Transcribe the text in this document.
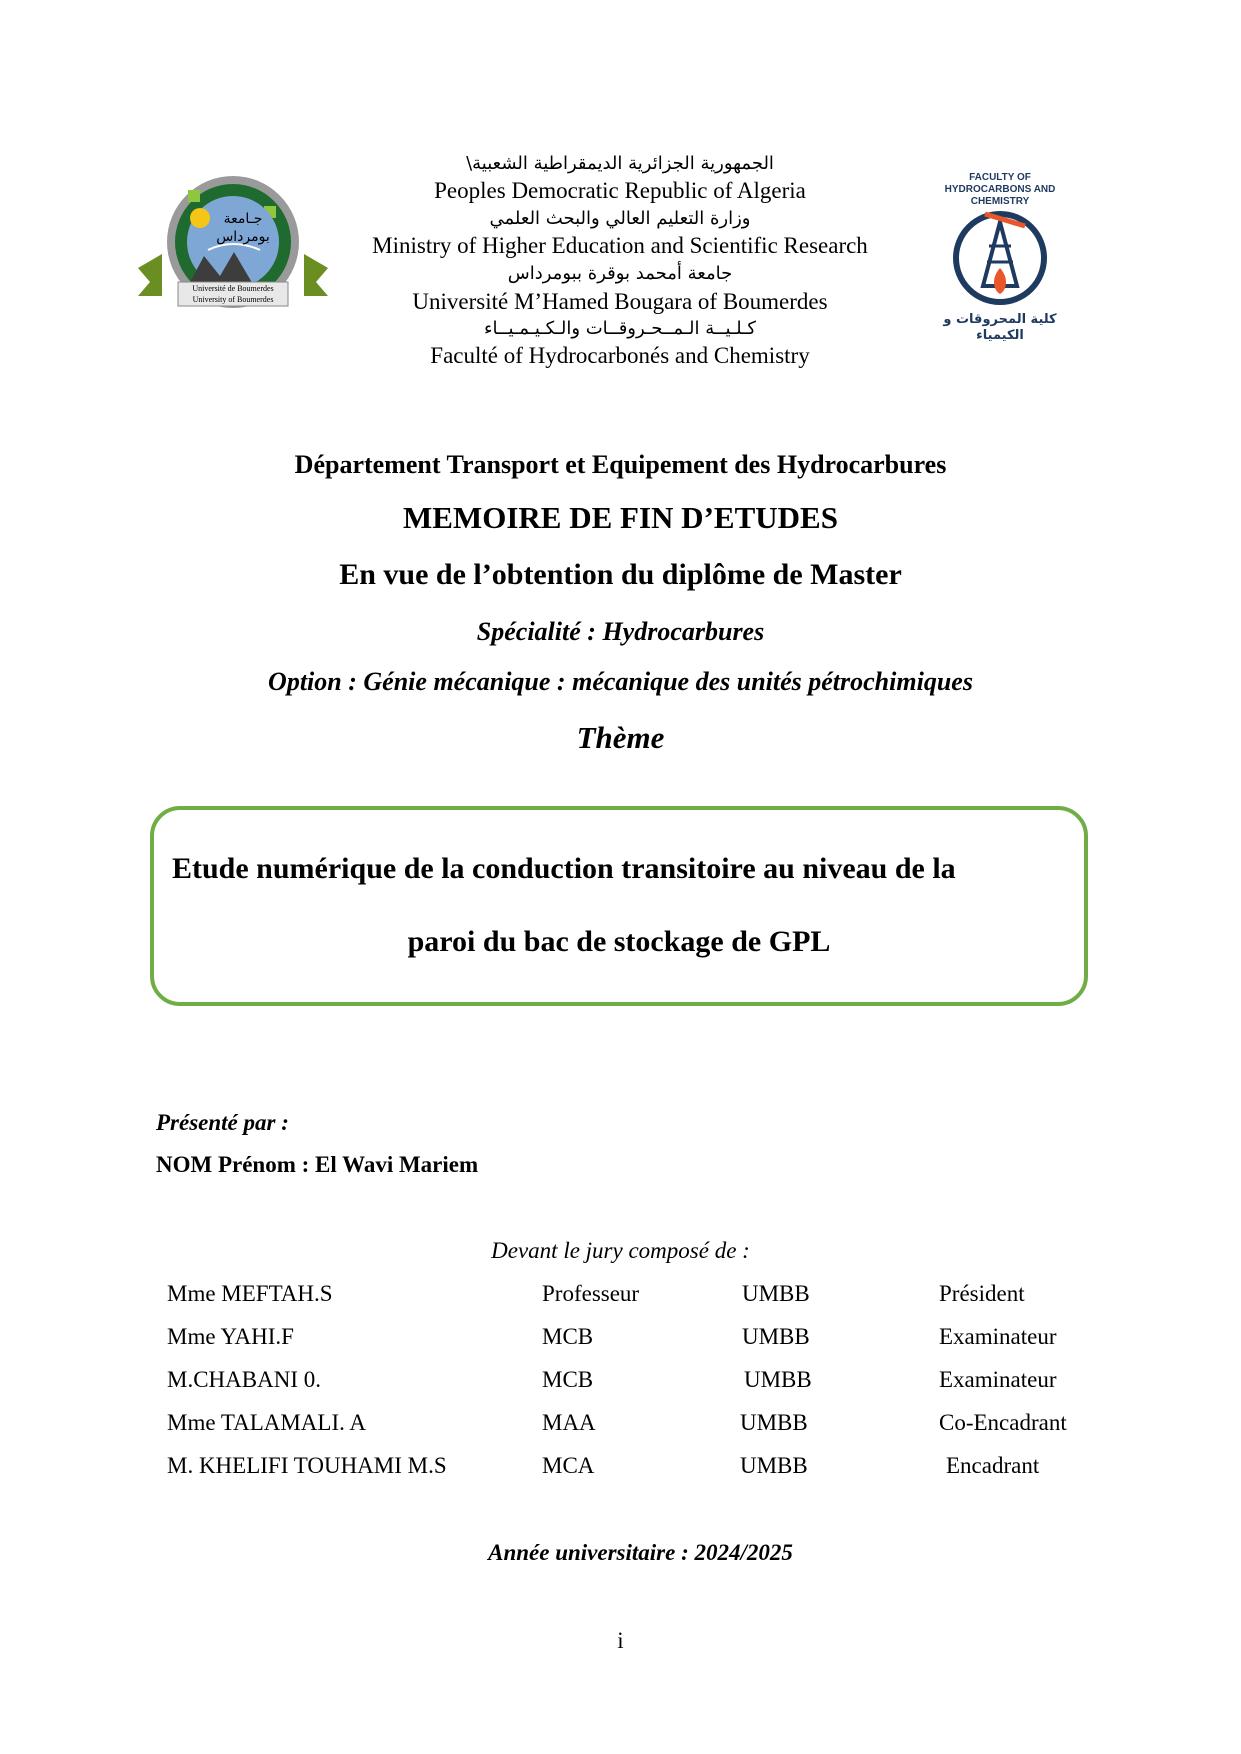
جـامعة بومرداس
Université de Boumerdes
University of Boumerdes
الجمهورية الجزائرية الديمقراطية الشعبية\
Peoples Democratic Republic of Algeria
وزارة التعليم العالي والبحث العلمي
Ministry of Higher Education and Scientific Research
جامعة أمحمد بوقرة ببومرداس
Université M’Hamed Bougara of Boumerdes
كـلـيــة الـمــحـروقــات والـكـيـمـيــاء
Faculté of Hydrocarbonés and Chemistry
FACULTY OF HYDROCARBONS AND CHEMISTRY
كلية المحروقات و الكيمياء
Département Transport et Equipement des Hydrocarbures
MEMOIRE DE FIN D’ETUDES
En vue de l’obtention du diplôme de Master
Spécialité : Hydrocarbures
Option : Génie mécanique : mécanique des unités pétrochimiques
Thème
Etude numérique de la conduction transitoire au niveau de la
paroi du bac de stockage de GPL
Présenté par :
NOM Prénom : El Wavi Mariem
Devant le jury composé de :
Mme MEFTAH.S	Professeur	UMBB	Président
Mme YAHI.F	MCB	UMBB	Examinateur
M.CHABANI 0.	MCB	UMBB	Examinateur
Mme TALAMALI. A	MAA	UMBB	Co-Encadrant
M. KHELIFI TOUHAMI M.S	MCA	UMBB	Encadrant
Année universitaire : 2024/2025
i
